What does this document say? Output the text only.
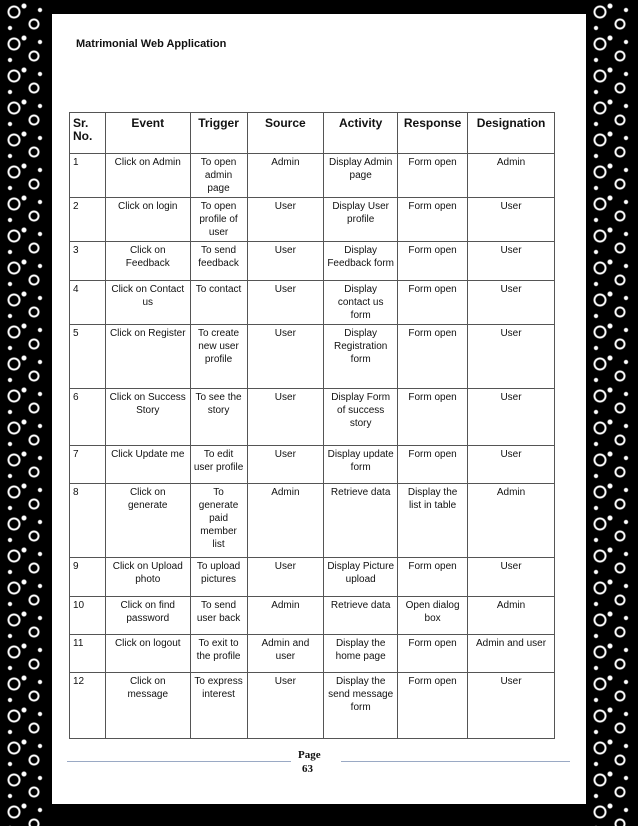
Matrimonial Web Application
Sr. No.	Event	Trigger	Source	Activity	Response	Designation
1	Click on Admin	To open admin page	Admin	Display Admin page	Form open	Admin
2	Click on login	To open profile of user	User	Display User profile	Form open	User
3	Click on Feedback	To send feedback	User	Display Feedback form	Form open	User
4	Click on Contact us	To contact	User	Display contact us form	Form open	User
5	Click on Register	To create new user profile	User	Display Registration form	Form open	User
6	Click on Success Story	To see the story	User	Display Form of success story	Form open	User
7	Click Update me	To edit user profile	User	Display update form	Form open	User
8	Click on generate	To generate paid member list	Admin	Retrieve data	Display the list in table	Admin
9	Click on Upload photo	To upload pictures	User	Display Picture upload	Form open	User
10	Click on find password	To send user back	Admin	Retrieve data	Open dialog box	Admin
11	Click on logout	To exit to the profile	Admin and user	Display the home page	Form open	Admin and user
12	Click on message	To express interest	User	Display the send message form	Form open	User
Page
63
